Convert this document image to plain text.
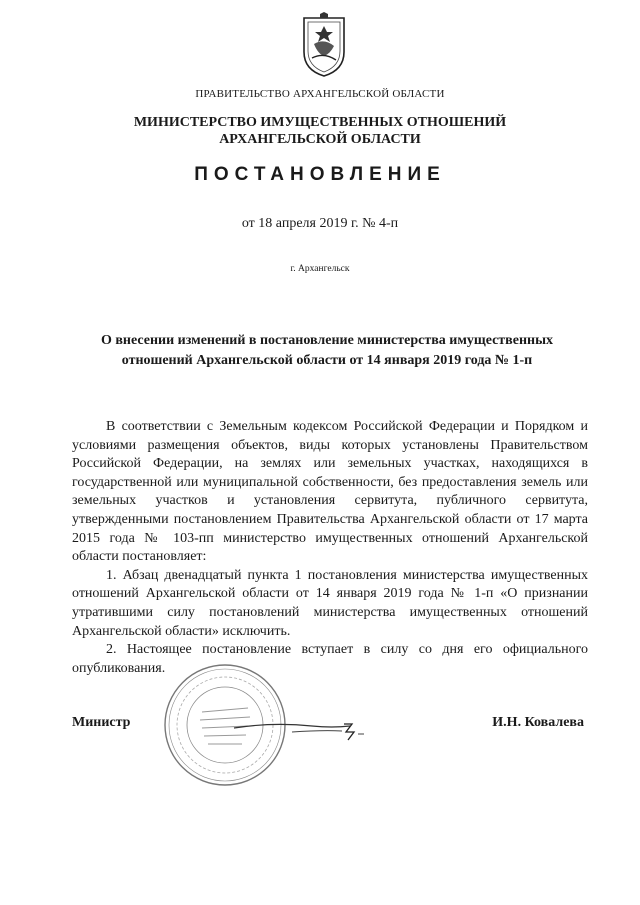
ПРАВИТЕЛЬСТВО АРХАНГЕЛЬСКОЙ ОБЛАСТИ
МИНИСТЕРСТВО ИМУЩЕСТВЕННЫХ ОТНОШЕНИЙ
АРХАНГЕЛЬСКОЙ ОБЛАСТИ
ПОСТАНОВЛЕНИЕ
от 18 апреля 2019 г. № 4-п
г. Архангельск
О внесении изменений в постановление министерства имущественных отношений Архангельской области от 14 января 2019 года № 1-п

В соответствии с Земельным кодексом Российской Федерации и Порядком и условиями размещения объектов, виды которых установлены Правительством Российской Федерации, на землях или земельных участках, находящихся в государственной или муниципальной собственности, без предоставления земель или земельных участков и установления сервитута, публичного сервитута, утвержденными постановлением Правительства Архангельской области от 17 марта 2015 года № 103-пп министерство имущественных отношений Архангельской области постановляет:

1. Абзац двенадцатый пункта 1 постановления министерства имущественных отношений Архангельской области от 14 января 2019 года № 1-п «О признании утратившими силу постановлений министерства имущественных отношений Архангельской области» исключить.

2. Настоящее постановление вступает в силу со дня его официального опубликования.

Министр	И.Н. Ковалева
